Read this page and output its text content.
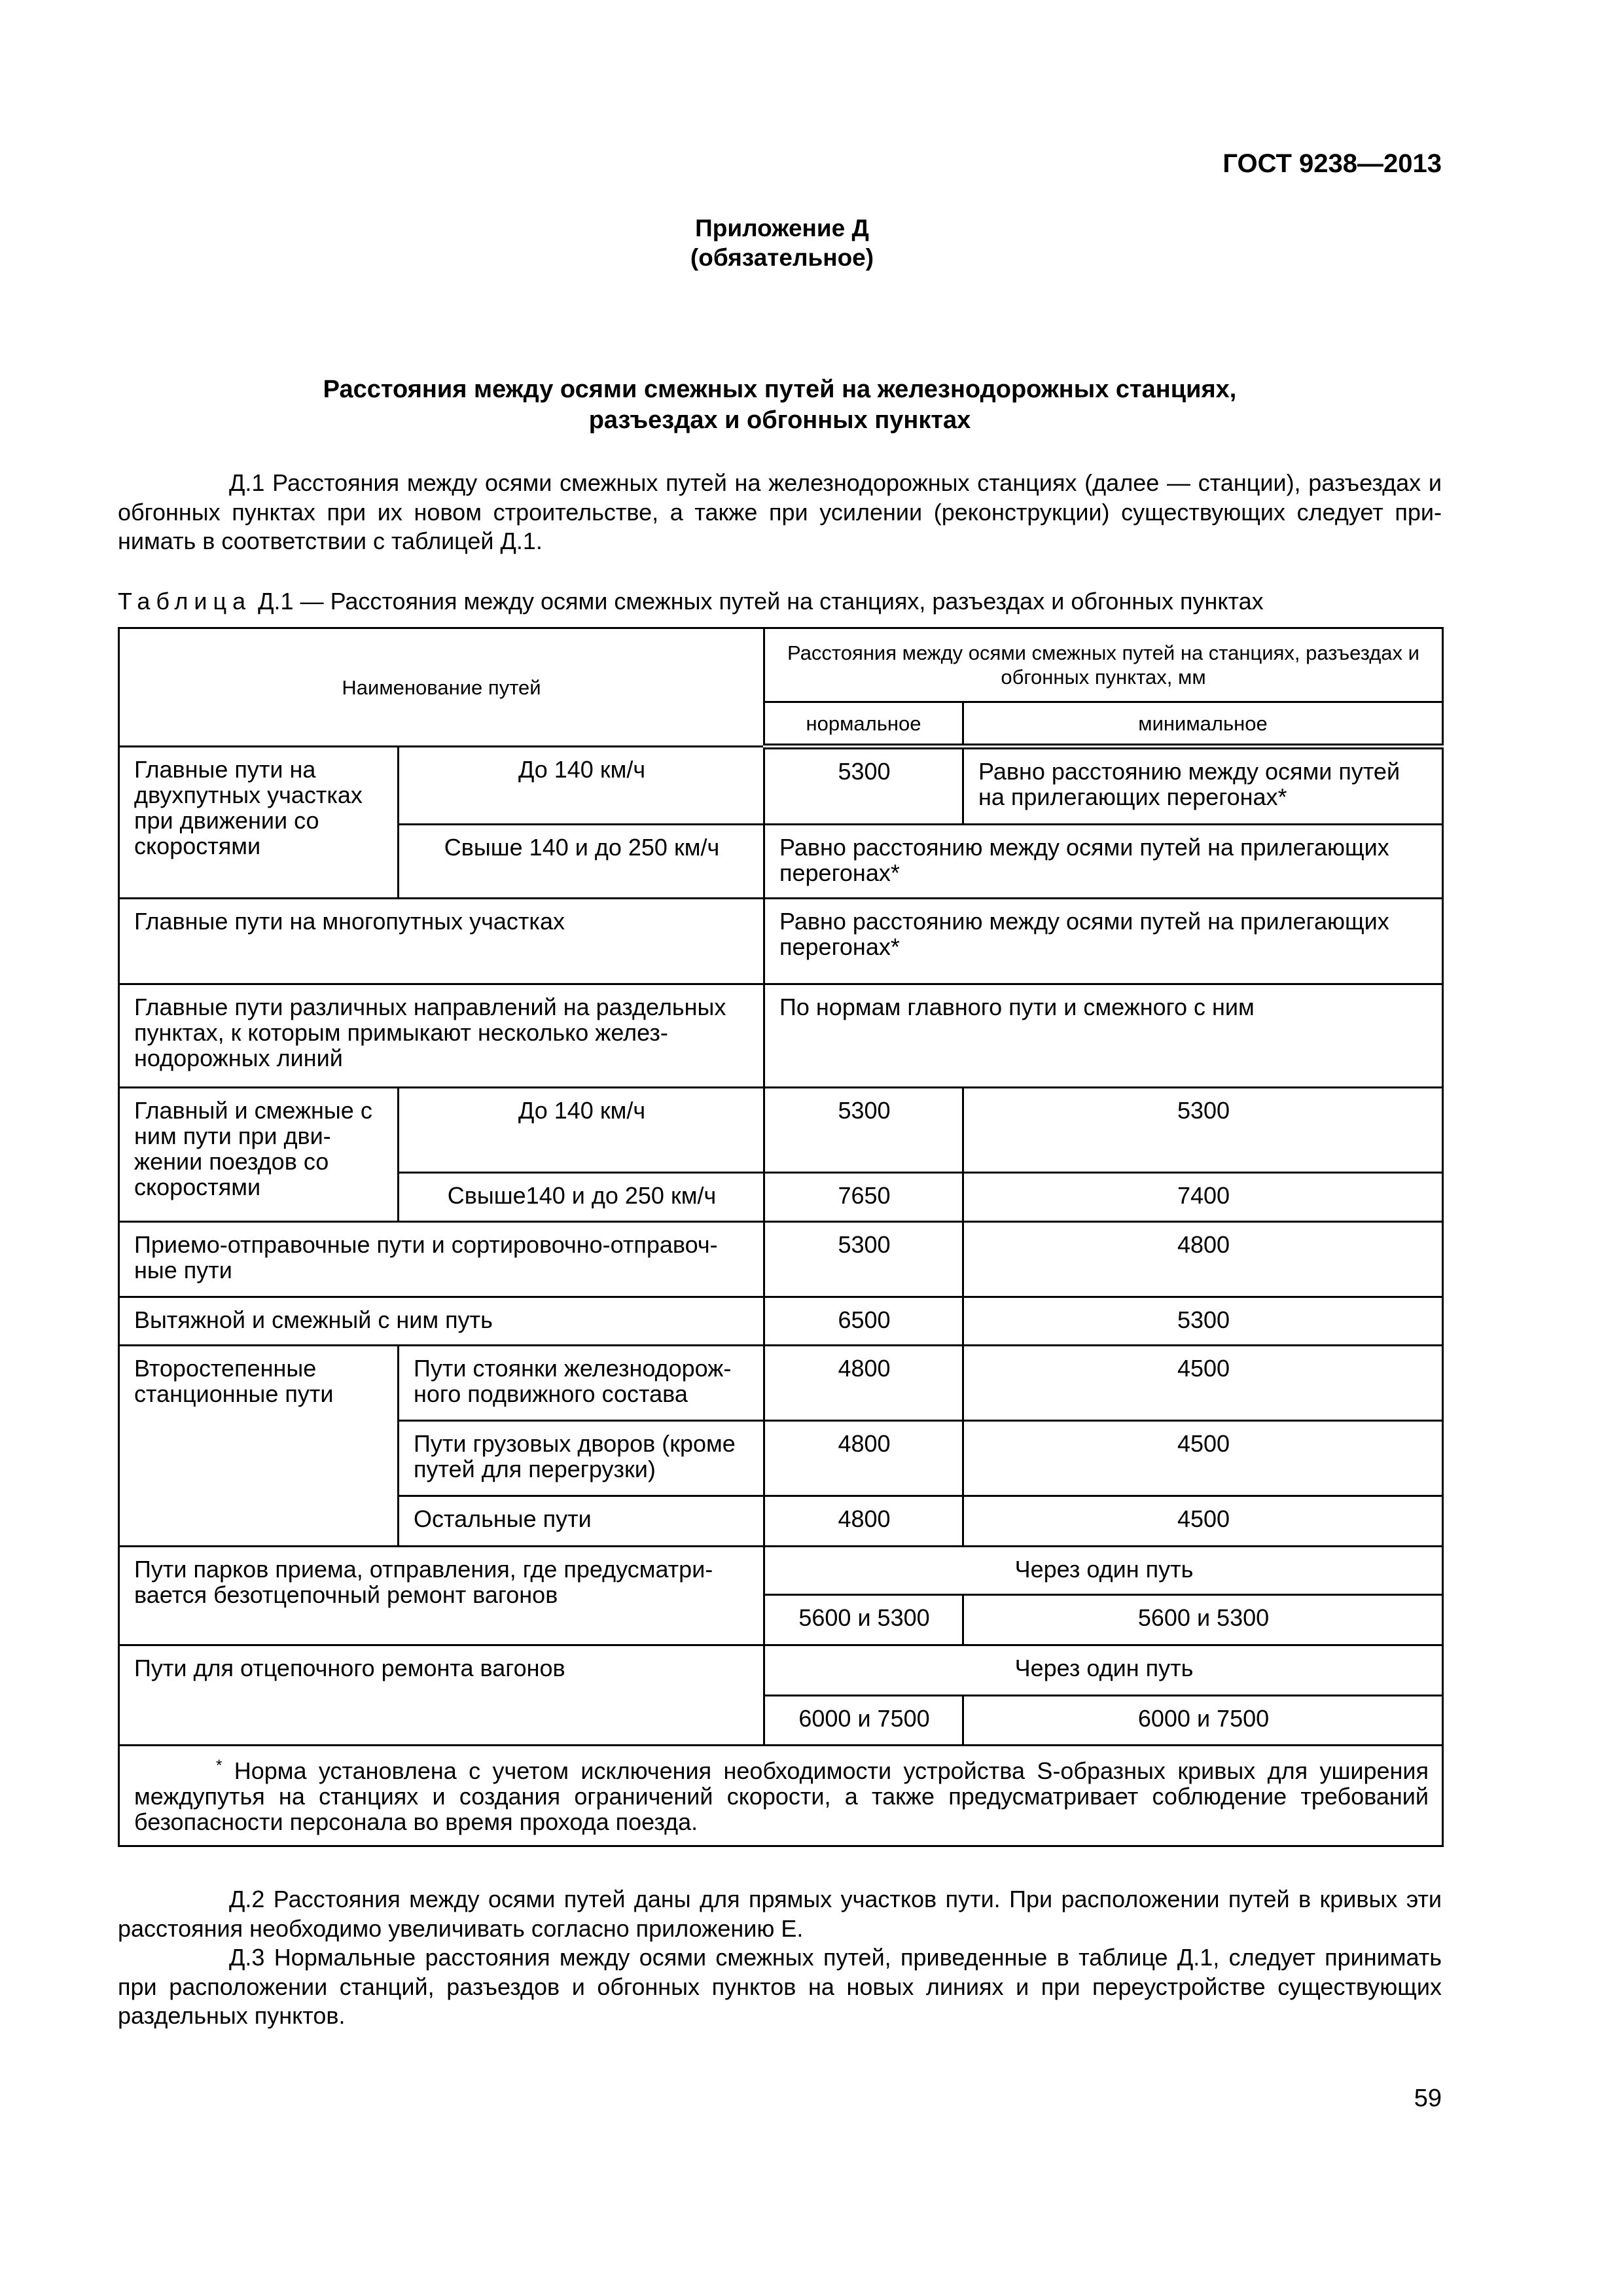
ГОСТ 9238—2013
Приложение Д
(обязательное)
Расстояния между осями смежных путей на железнодорожных станциях,
разъездах и обгонных пунктах

Д.1 Расстояния между осями смежных путей на железнодорожных станциях (далее — станции), разъездах и обгонных пунктах при их новом строительстве, а также при усилении (реконструкции) существующих следует принимать в соответствии с таблицей Д.1.

Таблица Д.1 — Расстояния между осями смежных путей на станциях, разъездах и обгонных пунктах
Наименование путей		Расстояния между осями смежных путей на станциях, разъездах и обгонных пунктах, мм	
		нормальное	минимальное
Главные пути на двухпутных участках при движении со скоростями	До 140 км/ч	5300	Равно расстоянию между осями путей на прилегающих перегонах*
	Свыше 140 и до 250 км/ч	Равно расстоянию между осями путей на прилегающих перегонах*	
Главные пути на многопутных участках		Равно расстоянию между осями путей на прилегающих перегонах*	
Главные пути различных направлений на раздельных пунктах, к которым примыкают несколько железнодорожных линий		По нормам главного пути и смежного с ним	
Главный и смежные с ним пути при движении поездов со скоростями	До 140 км/ч	5300	5300
	Свыше140 и до 250 км/ч	7650	7400
Приемо-отправочные пути и сортировочно-отправочные пути		5300	4800
Вытяжной и смежный с ним путь		6500	5300
Второстепенные станционные пути	Пути стоянки железнодорожного подвижного состава	4800	4500
	Пути грузовых дворов (кроме путей для перегрузки)	4800	4500
	Остальные пути	4800	4500
Пути парков приема, отправления, где предусматривается безотцепочный ремонт вагонов		Через один путь	
		5600 и 5300	5600 и 5300
Пути для отцепочного ремонта вагонов		Через один путь	
		6000 и 7500	6000 и 7500
* Норма установлена с учетом исключения необходимости устройства S-образных кривых для уширения междупутья на станциях и создания ограничений скорости, а также предусматривает соблюдение требований безопасности персонала во время прохода поезда.			

Д.2 Расстояния между осями путей даны для прямых участков пути. При расположении путей в кривых эти расстояния необходимо увеличивать согласно приложению Е.

Д.3 Нормальные расстояния между осями смежных путей, приведенные в таблице Д.1, следует принимать при расположении станций, разъездов и обгонных пунктов на новых линиях и при переустройстве существующих раздельных пунктов.

59
